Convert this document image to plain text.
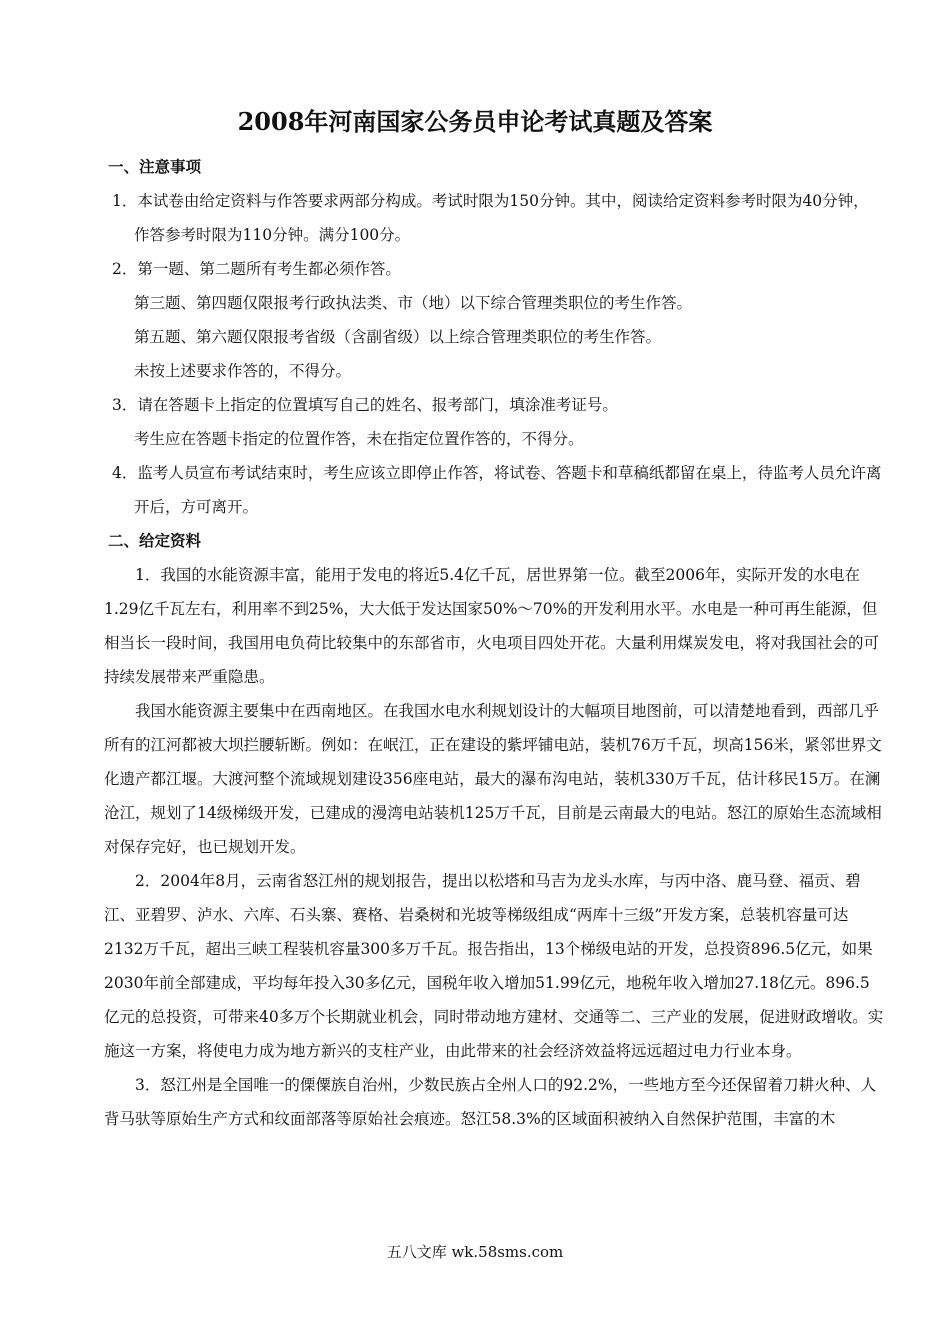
2008年河南国家公务员申论考试真题及答案

一、注意事项

1．本试卷由给定资料与作答要求两部分构成。考试时限为150分钟。其中，阅读给定资料参考时限为40分钟，作答参考时限为110分钟。满分100分。

2．第一题、第二题所有考生都必须作答。

第三题、第四题仅限报考行政执法类、市（地）以下综合管理类职位的考生作答。

第五题、第六题仅限报考省级（含副省级）以上综合管理类职位的考生作答。

未按上述要求作答的，不得分。

3．请在答题卡上指定的位置填写自己的姓名、报考部门，填涂准考证号。

考生应在答题卡指定的位置作答，未在指定位置作答的，不得分。

4．监考人员宣布考试结束时，考生应该立即停止作答，将试卷、答题卡和草稿纸都留在桌上，待监考人员允许离开后，方可离开。

二、给定资料

1．我国的水能资源丰富，能用于发电的将近5.4亿千瓦，居世界第一位。截至2006年，实际开发的水电在1.29亿千瓦左右，利用率不到25%，大大低于发达国家50%～70%的开发利用水平。水电是一种可再生能源，但相当长一段时间，我国用电负荷比较集中的东部省市，火电项目四处开花。大量利用煤炭发电，将对我国社会的可持续发展带来严重隐患。

我国水能资源主要集中在西南地区。在我国水电水利规划设计的大幅项目地图前，可以清楚地看到，西部几乎所有的江河都被大坝拦腰斩断。例如：在岷江，正在建设的紫坪铺电站，装机76万千瓦，坝高156米，紧邻世界文化遗产都江堰。大渡河整个流域规划建设356座电站，最大的瀑布沟电站，装机330万千瓦，估计移民15万。在澜沧江，规划了14级梯级开发，已建成的漫湾电站装机125万千瓦，目前是云南最大的电站。怒江的原始生态流域相对保存完好，也已规划开发。

2．2004年8月，云南省怒江州的规划报告，提出以松塔和马吉为龙头水库，与丙中洛、鹿马登、福贡、碧江、亚碧罗、泸水、六库、石头寨、赛格、岩桑树和光坡等梯级组成“两库十三级”开发方案，总装机容量可达2132万千瓦，超出三峡工程装机容量300多万千瓦。报告指出，13个梯级电站的开发，总投资896.5亿元，如果2030年前全部建成，平均每年投入30多亿元，国税年收入增加51.99亿元，地税年收入增加27.18亿元。896.5亿元的总投资，可带来40多万个长期就业机会，同时带动地方建材、交通等二、三产业的发展，促进财政增收。实施这一方案，将使电力成为地方新兴的支柱产业，由此带来的社会经济效益将远远超过电力行业本身。

3．怒江州是全国唯一的傈僳族自治州，少数民族占全州人口的92.2%，一些地方至今还保留着刀耕火种、人背马驮等原始生产方式和纹面部落等原始社会痕迹。怒江58.3%的区域面积被纳入自然保护范围，丰富的木

五八文库 wk.58sms.com
